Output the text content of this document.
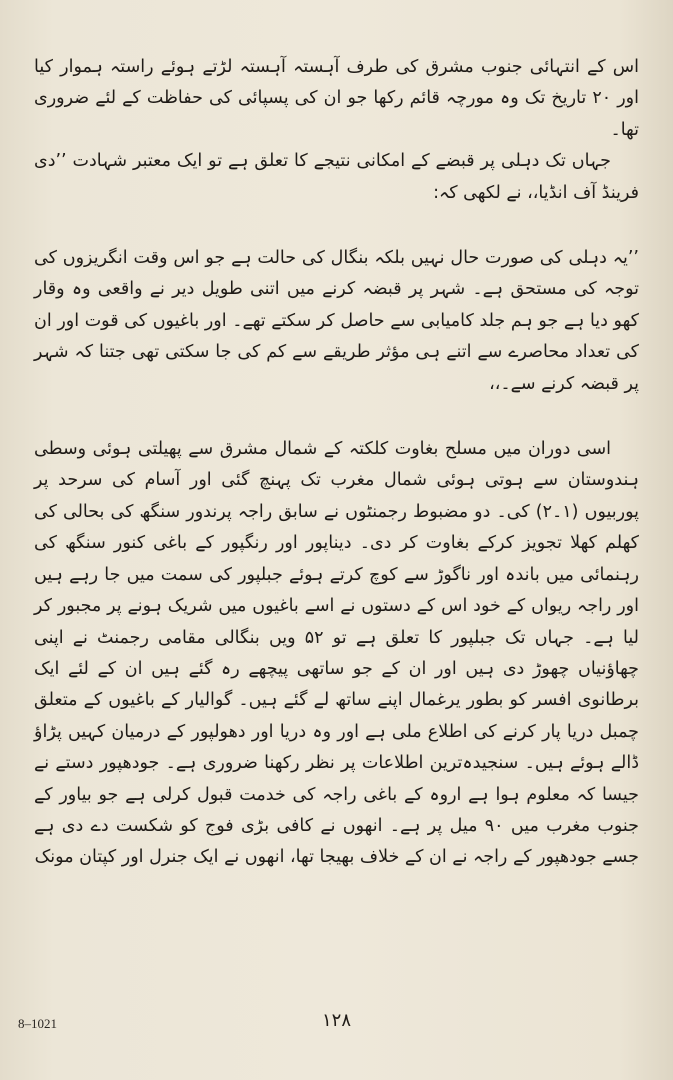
اس کے انتہائی جنوب مشرق کی طرف آہستہ آہستہ لڑتے ہوئے راستہ ہموار کیا اور ۲۰ تاریخ تک وہ مورچہ قائم رکھا جو ان کی پسپائی کی حفاظت کے لئے ضروری تھا۔

جہاں تک دہلی پر قبضے کے امکانی نتیجے کا تعلق ہے تو ایک معتبر شہادت ’’دی فرینڈ آف انڈیا،، نے لکھی کہ:

’’یہ دہلی کی صورت حال نہیں بلکہ بنگال کی حالت ہے جو اس وقت انگریزوں کی توجہ کی مستحق ہے۔ شہر پر قبضہ کرنے میں اتنی طویل دیر نے واقعی وہ وقار کھو دیا ہے جو ہم جلد کامیابی سے حاصل کر سکتے تھے۔ اور باغیوں کی قوت اور ان کی تعداد محاصرے سے اتنے ہی مؤثر طریقے سے کم کی جا سکتی تھی جتنا کہ شہر پر قبضہ کرنے سے۔،،

اسی دوران میں مسلح بغاوت کلکتہ کے شمال مشرق سے پھیلتی ہوئی وسطی ہندوستان سے ہوتی ہوئی شمال مغرب تک پہنچ گئی اور آسام کی سرحد پر پوربیوں (۱۔۲) کی۔ دو مضبوط رجمنٹوں نے سابق راجہ پرندور سنگھ کی بحالی کی کھلم کھلا تجویز کرکے بغاوت کر دی۔ دیناپور اور رنگپور کے باغی کنور سنگھ کی رہنمائی میں باندہ اور ناگوڑ سے کوچ کرتے ہوئے جبلپور کی سمت میں جا رہے ہیں اور راجہ ریواں کے خود اس کے دستوں نے اسے باغیوں میں شریک ہونے پر مجبور کر لیا ہے۔ جہاں تک جبلپور کا تعلق ہے تو ۵۲ ویں بنگالی مقامی رجمنٹ نے اپنی چھاؤنیاں چھوڑ دی ہیں اور ان کے جو ساتھی پیچھے رہ گئے ہیں ان کے لئے ایک برطانوی افسر کو بطور یرغمال اپنے ساتھ لے گئے ہیں۔ گوالیار کے باغیوں کے متعلق چمبل دریا پار کرنے کی اطلاع ملی ہے اور وہ دریا اور دھولپور کے درمیان کہیں پڑاؤ ڈالے ہوئے ہیں۔ سنجیدہ‌ترین اطلاعات پر نظر رکھنا ضروری ہے۔ جودھپور دستے نے جیسا کہ معلوم ہوا ہے اروہ کے باغی راجہ کی خدمت قبول کرلی ہے جو بیاور کے جنوب مغرب میں ۹۰ میل پر ہے۔ انھوں نے کافی بڑی فوج کو شکست دے دی ہے جسے جودھپور کے راجہ نے ان کے خلاف بھیجا تھا، انھوں نے ایک جنرل اور کپتان مونک

8–1021	۱۲۸
